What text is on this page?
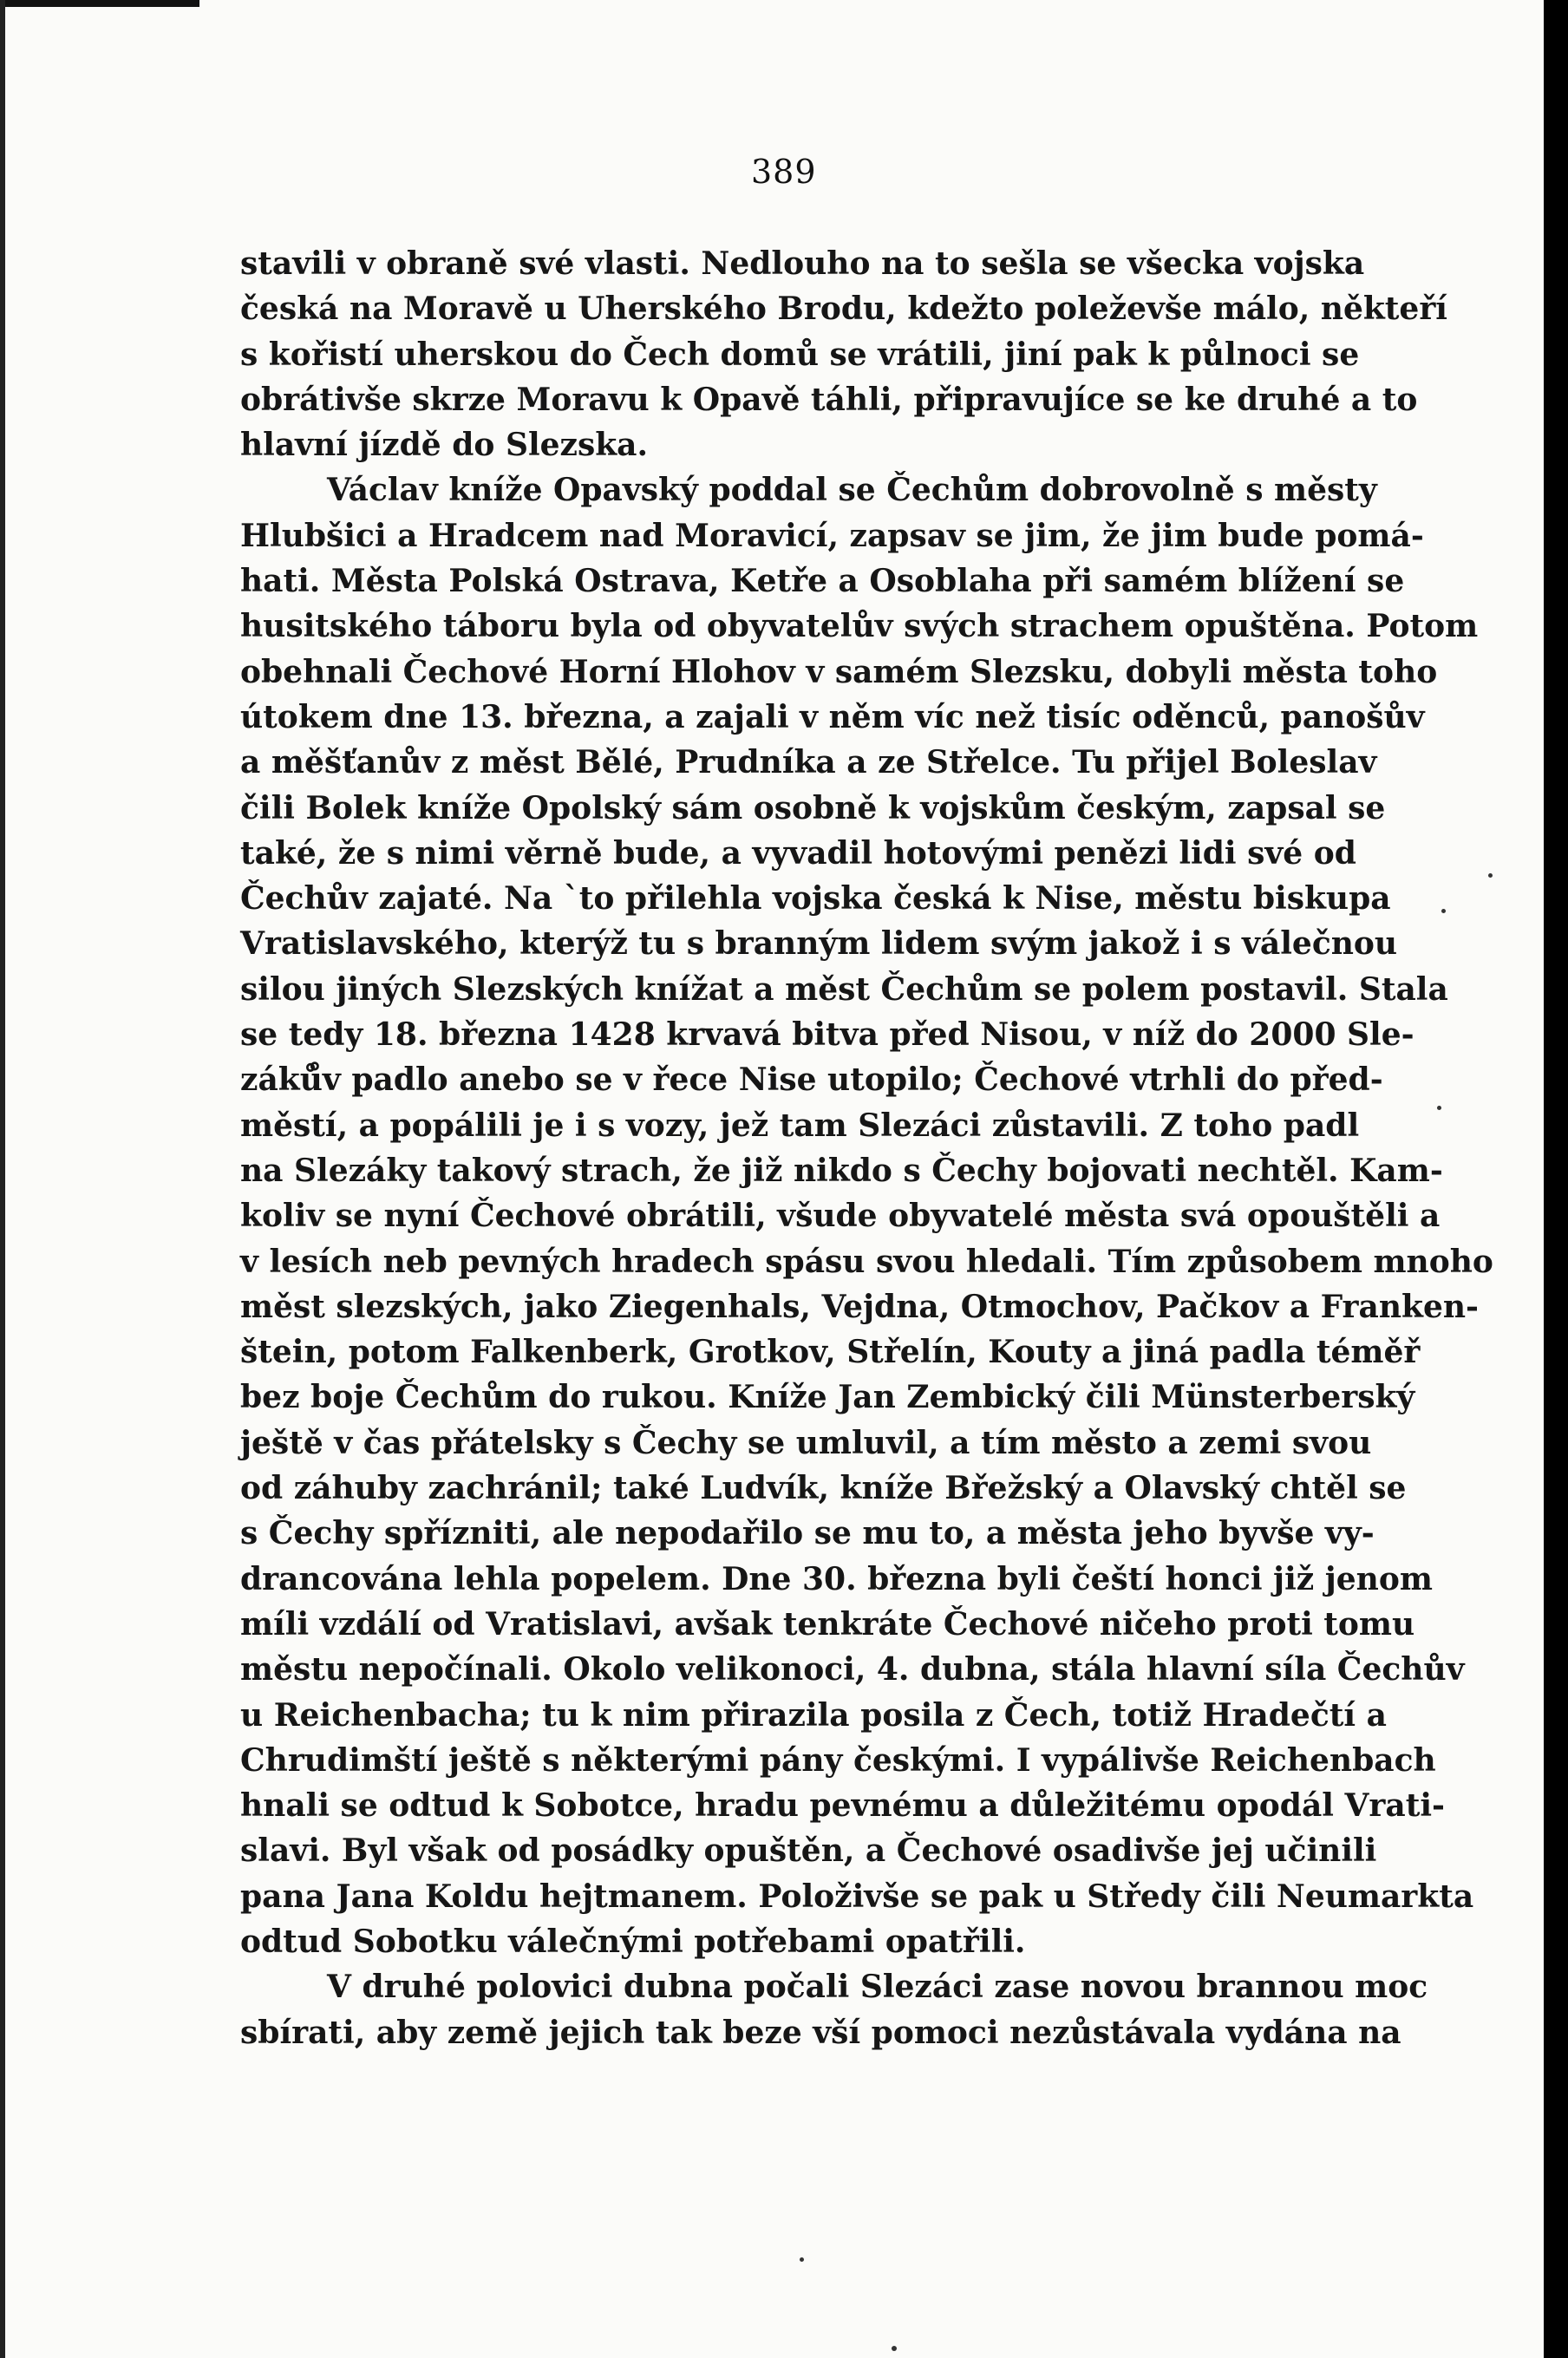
389
stavili v obraně své vlasti. Nedlouho na to sešla se všecka vojska
česká na Moravě u Uherského Brodu, kdežto poleževše málo, někteří
s kořistí uherskou do Čech domů se vrátili, jiní pak k půlnoci se
obrátivše skrze Moravu k Opavě táhli, připravujíce se ke druhé a to
hlavní jízdě do Slezska.
Václav kníže Opavský poddal se Čechům dobrovolně s městy
Hlubšici a Hradcem nad Moravicí, zapsav se jim, že jim bude pomá-
hati. Města Polská Ostrava, Ketře a Osoblaha při samém blížení se
husitského táboru byla od obyvatelův svých strachem opuštěna. Potom
obehnali Čechové Horní Hlohov v samém Slezsku, dobyli města toho
útokem dne 13. března, a zajali v něm víc než tisíc oděnců, panošův
a měšťanův z měst Bělé, Prudníka a ze Střelce. Tu přijel Boleslav
čili Bolek kníže Opolský sám osobně k vojskům českým, zapsal se
také, že s nimi věrně bude, a vyvadil hotovými penězi lidi své od
Čechův zajaté. Na `to přilehla vojska česká k Nise, městu biskupa
Vratislavského, kterýž tu s branným lidem svým jakož i s válečnou
silou jiných Slezských knížat a měst Čechům se polem postavil. Stala
se tedy 18. března 1428 krvavá bitva před Nisou, v níž do 2000 Sle-
záků̊v padlo anebo se v řece Nise utopilo; Čechové vtrhli do před-
městí, a popálili je i s vozy, jež tam Slezáci zůstavili. Z toho padl
na Slezáky takový strach, že již nikdo s Čechy bojovati nechtěl. Kam-
koliv se nyní Čechové obrátili, všude obyvatelé města svá opouštěli a
v lesích neb pevných hradech spásu svou hledali. Tím způsobem mnoho
měst slezských, jako Ziegenhals, Vejdna, Otmochov, Pačkov a Franken-
štein, potom Falkenberk, Grotkov, Střelín, Kouty a jiná padla téměř
bez boje Čechům do rukou. Kníže Jan Zembický čili Münsterberský
ještě v čas přátelsky s Čechy se umluvil, a tím město a zemi svou
od záhuby zachránil; také Ludvík, kníže Břežský a Olavský chtěl se
s Čechy spřízniti, ale nepodařilo se mu to, a města jeho byvše vy-
drancována lehla popelem. Dne 30. března byli čeští honci již jenom
míli vzdálí od Vratislavi, avšak tenkráte Čechové ničeho proti tomu
městu nepočínali. Okolo velikonoci, 4. dubna, stála hlavní síla Čechův
u Reichenbacha; tu k nim přirazila posila z Čech, totiž Hradečtí a
Chrudimští ještě s některými pány českými. I vypálivše Reichenbach
hnali se odtud k Sobotce, hradu pevnému a důležitému opodál Vrati-
slavi. Byl však od posádky opuštěn, a Čechové osadivše jej učinili
pana Jana Koldu hejtmanem. Položivše se pak u Středy čili Neumarkta
odtud Sobotku válečnými potřebami opatřili.
V druhé polovici dubna počali Slezáci zase novou brannou moc
sbírati, aby země jejich tak beze vší pomoci nezůstávala vydána na
